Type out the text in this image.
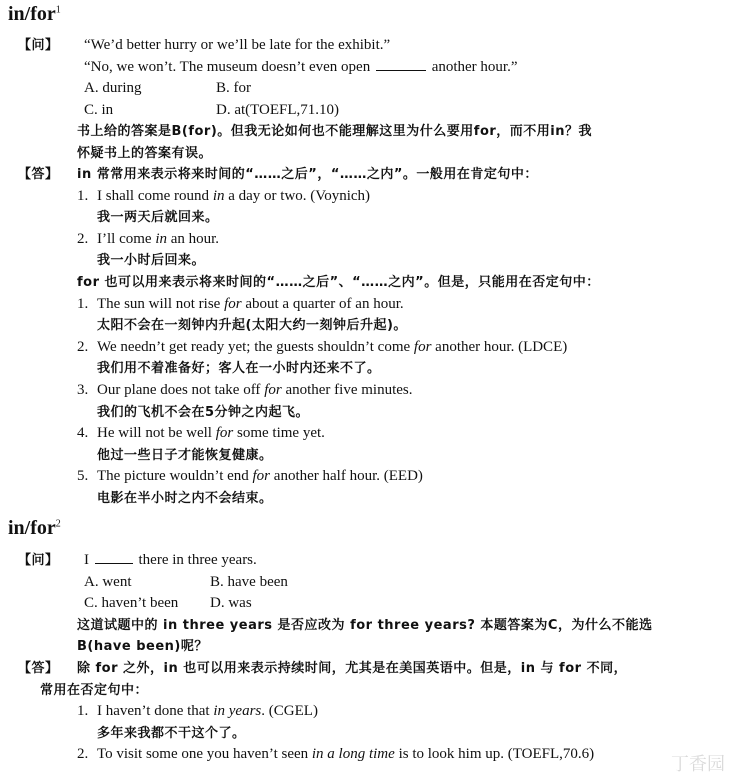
in/for$^1$
【问】 “We’d better hurry or we’ll be late for the exhibit.”
“No, we won’t. The museum doesn’t even open	another hour.”
A. during	B. for
C. in	D. at(TOEFL,71.10)
书上给的答案是B(for)。但我无论如何也不能理解这里为什么要用for，而不用in？我
怀疑书上的答案有误。
【答】 in 常常用来表示将来时间的“……之后”，“……之内”。一般用在肯定句中：
1. I shall come round in a day or two. (Voynich)
我一两天后就回来。
2. I’ll come in an hour.
我一小时后回来。
for 也可以用来表示将来时间的“……之后”、“……之内”。但是，只能用在否定句中：
1. The sun will not rise for about a quarter of an hour.
太阳不会在一刻钟内升起(太阳大约一刻钟后升起)。
2. We needn’t get ready yet; the guests shouldn’t come for another hour. (LDCE)
我们用不着准备好；客人在一小时内还来不了。
3. Our plane does not take off for another five minutes.
我们的飞机不会在5分钟之内起飞。
4. He will not be well for some time yet.
他过一些日子才能恢复健康。
5. The picture wouldn’t end for another half hour. (EED)
电影在半小时之内不会结束。
in/for$^2$
【问】 I	there in three years.
A. went	B. have been
C. haven’t been D. was
这道试题中的 in three years 是否应改为 for three years? 本题答案为C，为什么不能选
B(have been)呢？
【答】 除 for 之外，in 也可以用来表示持续时间，尤其是在美国英语中。但是，in 与 for 不同，
常用在否定句中：
1. I haven’t done that in years. (CGEL)
多年来我都不干这个了。
2. To visit some one you haven’t seen in a long time is to look him up. (TOEFL,70.6)
丁香园
